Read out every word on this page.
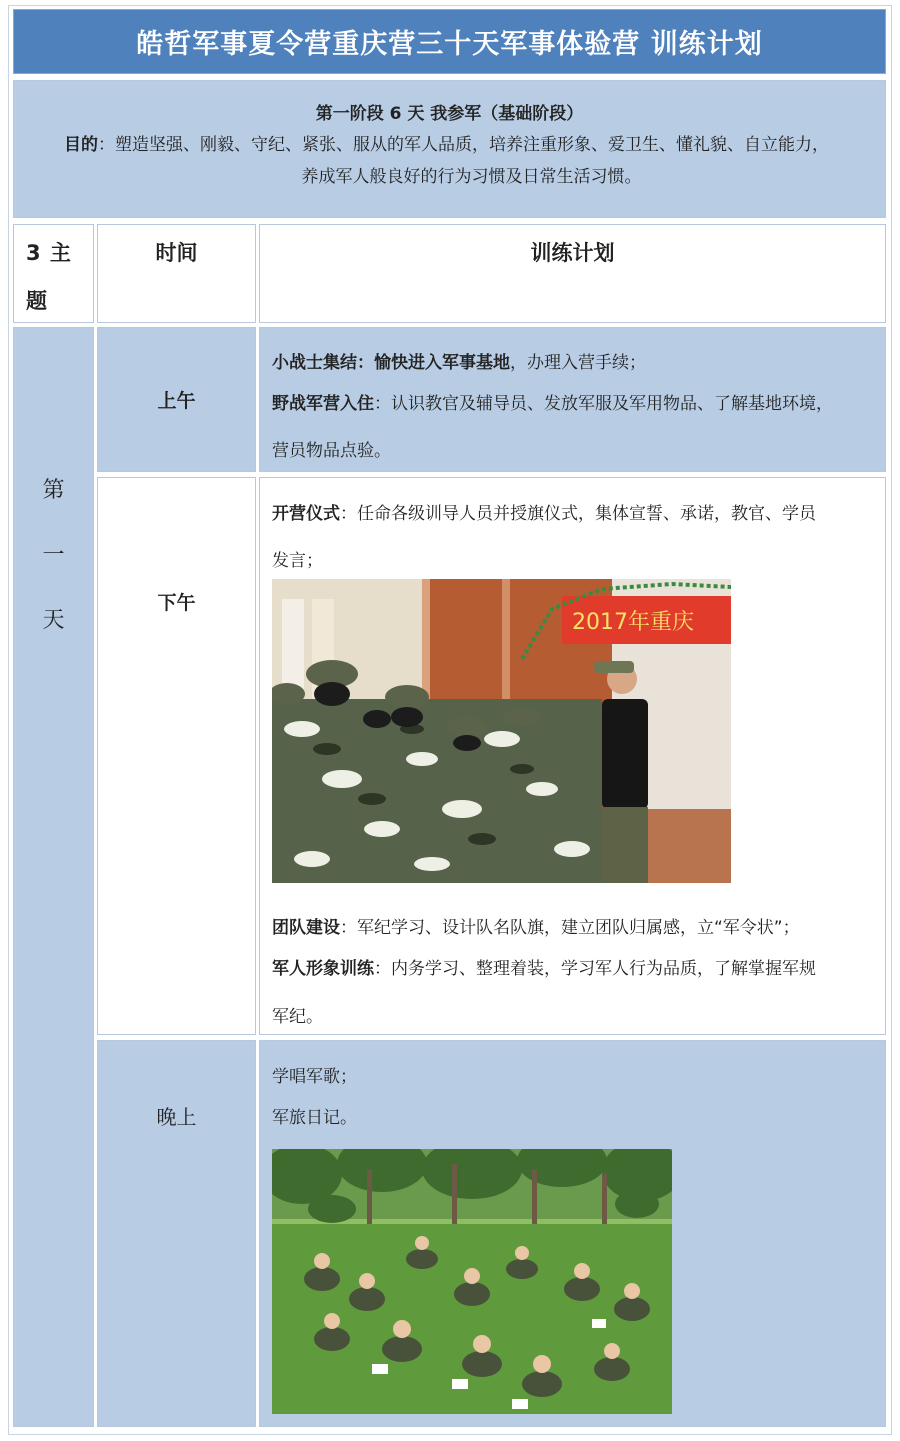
皓哲军事夏令营重庆营三十天军事体验营 训练计划
第一阶段 6 天 我参军（基础阶段）
目的：塑造坚强、刚毅、守纪、紧张、服从的军人品质，培养注重形象、爱卫生、懂礼貌、自立能力，
养成军人般良好的行为习惯及日常生活习惯。
3 主
题
时间	训练计划
第
一
天
上午
小战士集结：愉快进入军事基地，办理入营手续；
野战军营入住：认识教官及辅导员、发放军服及军用物品、了解基地环境，
营员物品点验。
下午
开营仪式：任命各级训导人员并授旗仪式，集体宣誓、承诺，教官、学员
发言；
2017年重庆
团队建设：军纪学习、设计队名队旗，建立团队归属感，立“军令状”；
军人形象训练：内务学习、整理着装，学习军人行为品质，了解掌握军规
军纪。
晚上
学唱军歌；
军旅日记。
